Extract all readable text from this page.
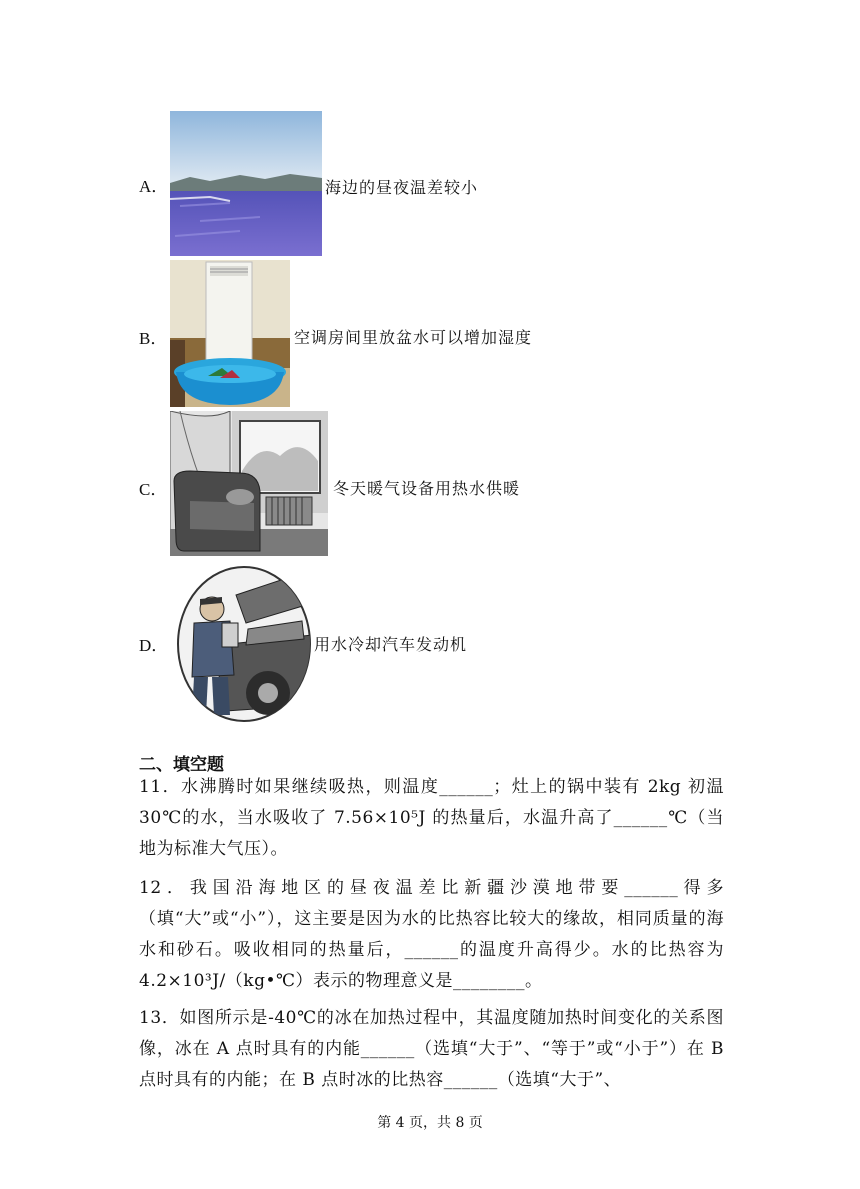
A．	海边的昼夜温差较小
B．	空调房间里放盆水可以增加湿度
C．	冬天暖气设备用热水供暖
D．	用水冷却汽车发动机
二、填空题
11．水沸腾时如果继续吸热，则温度______；灶上的锅中装有 2kg 初温 30℃的水，当水吸收了 7.56×10⁵J 的热量后，水温升高了______℃（当地为标准大气压）。
12．我国沿海地区的昼夜温差比新疆沙漠地带要______得多（填“大”或“小”），这主要是因为水的比热容比较大的缘故，相同质量的海水和砂石。吸收相同的热量后，______的温度升高得少。水的比热容为 4.2×10³J/（kg•℃）表示的物理意义是________。
13．如图所示是-40℃的冰在加热过程中，其温度随加热时间变化的关系图像，冰在 A 点时具有的内能______（选填“大于”、“等于”或“小于”）在 B 点时具有的内能；在 B 点时冰的比热容______（选填“大于”、
第 4 页，共 8 页
